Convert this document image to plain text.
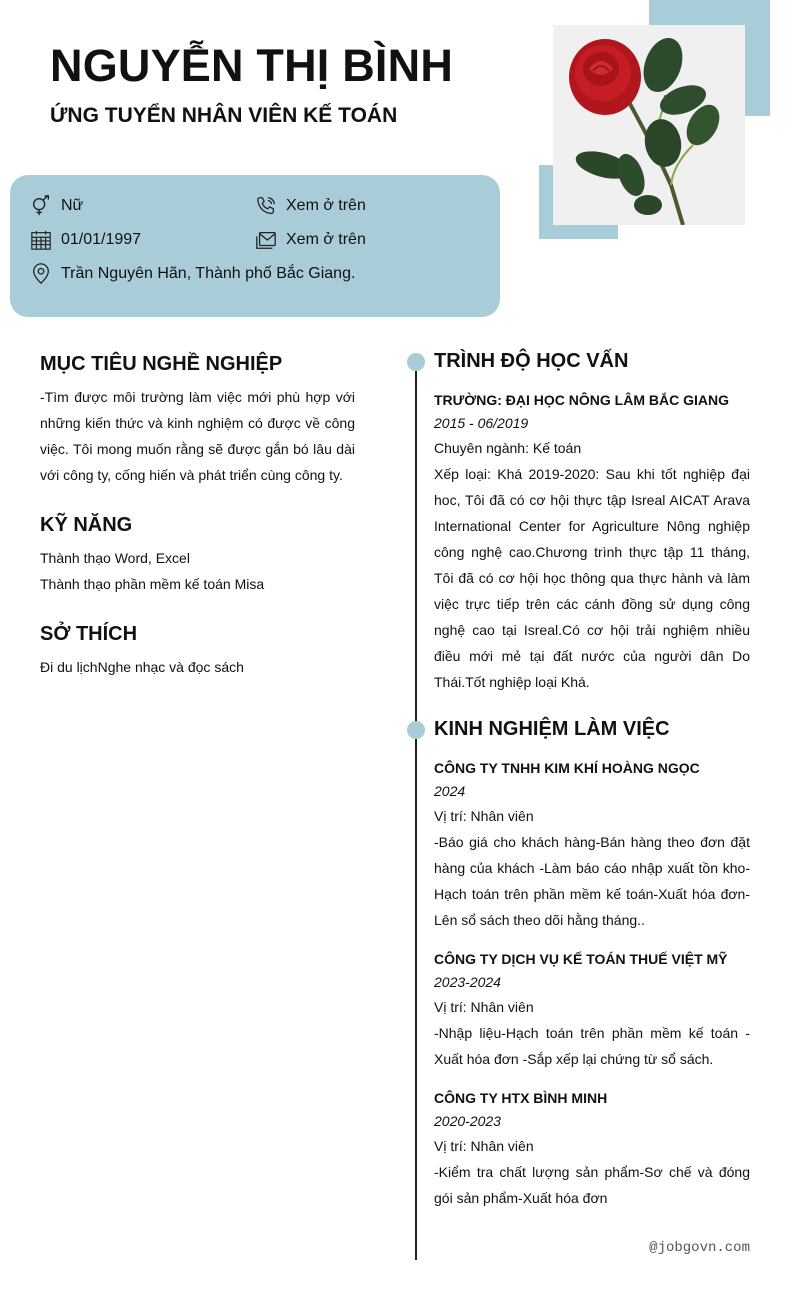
NGUYỄN THỊ BÌNH
ỨNG TUYỂN NHÂN VIÊN KẾ TOÁN
Nữ	Xem ở trên
01/01/1997	Xem ở trên
Trần Nguyên Hãn, Thành phố Bắc Giang.
MỤC TIÊU NGHỀ NGHIỆP
-Tìm được môi trường làm việc mới phù hợp với những kiến thức và kinh nghiệm có được về công việc. Tôi mong muốn rằng sẽ được gắn bó lâu dài với công ty, cống hiến và phát triển cùng công ty.
KỸ NĂNG
Thành thạo Word, Excel
Thành thạo phần mềm kế toán Misa
SỞ THÍCH
Đi du lịchNghe nhạc và đọc sách
TRÌNH ĐỘ HỌC VẤN
TRƯỜNG: ĐẠI HỌC NÔNG LÂM BẮC GIANG
2015 - 06/2019
Chuyên ngành: Kế toán
Xếp loại: Khá 2019-2020: Sau khi tốt nghiệp đại hoc, Tôi đã có cơ hội thực tập Isreal AICAT Arava International Center for Agriculture Nông nghiệp công nghệ cao.Chương trình thực tập 11 tháng, Tôi đã có cơ hội học thông qua thực hành và làm việc trực tiếp trên các cánh đồng sử dụng công nghệ cao tại Isreal.Có cơ hội trải nghiệm nhiều điều mới mẻ tại đất nước của người dân Do Thái.Tốt nghiệp loại Khá.
KINH NGHIỆM LÀM VIỆC
CÔNG TY TNHH KIM KHÍ HOÀNG NGỌC
2024
Vị trí: Nhân viên
-Báo giá cho khách hàng-Bán hàng theo đơn đặt hàng của khách -Làm báo cáo nhập xuất tồn kho-Hạch toán trên phần mềm kế toán-Xuất hóa đơn-Lên sổ sách theo dõi hằng tháng..
CÔNG TY DỊCH VỤ KẾ TOÁN THUẾ VIỆT MỸ
2023-2024
Vị trí: Nhân viên
-Nhập liệu-Hạch toán trên phần mềm kế toán -Xuất hóa đơn -Sắp xếp lại chứng từ sổ sách.
CÔNG TY HTX BÌNH MINH
2020-2023
Vị trí: Nhân viên
-Kiểm tra chất lượng sản phẩm-Sơ chế và đóng gói sản phẩm-Xuất hóa đơn
@jobgovn.com
